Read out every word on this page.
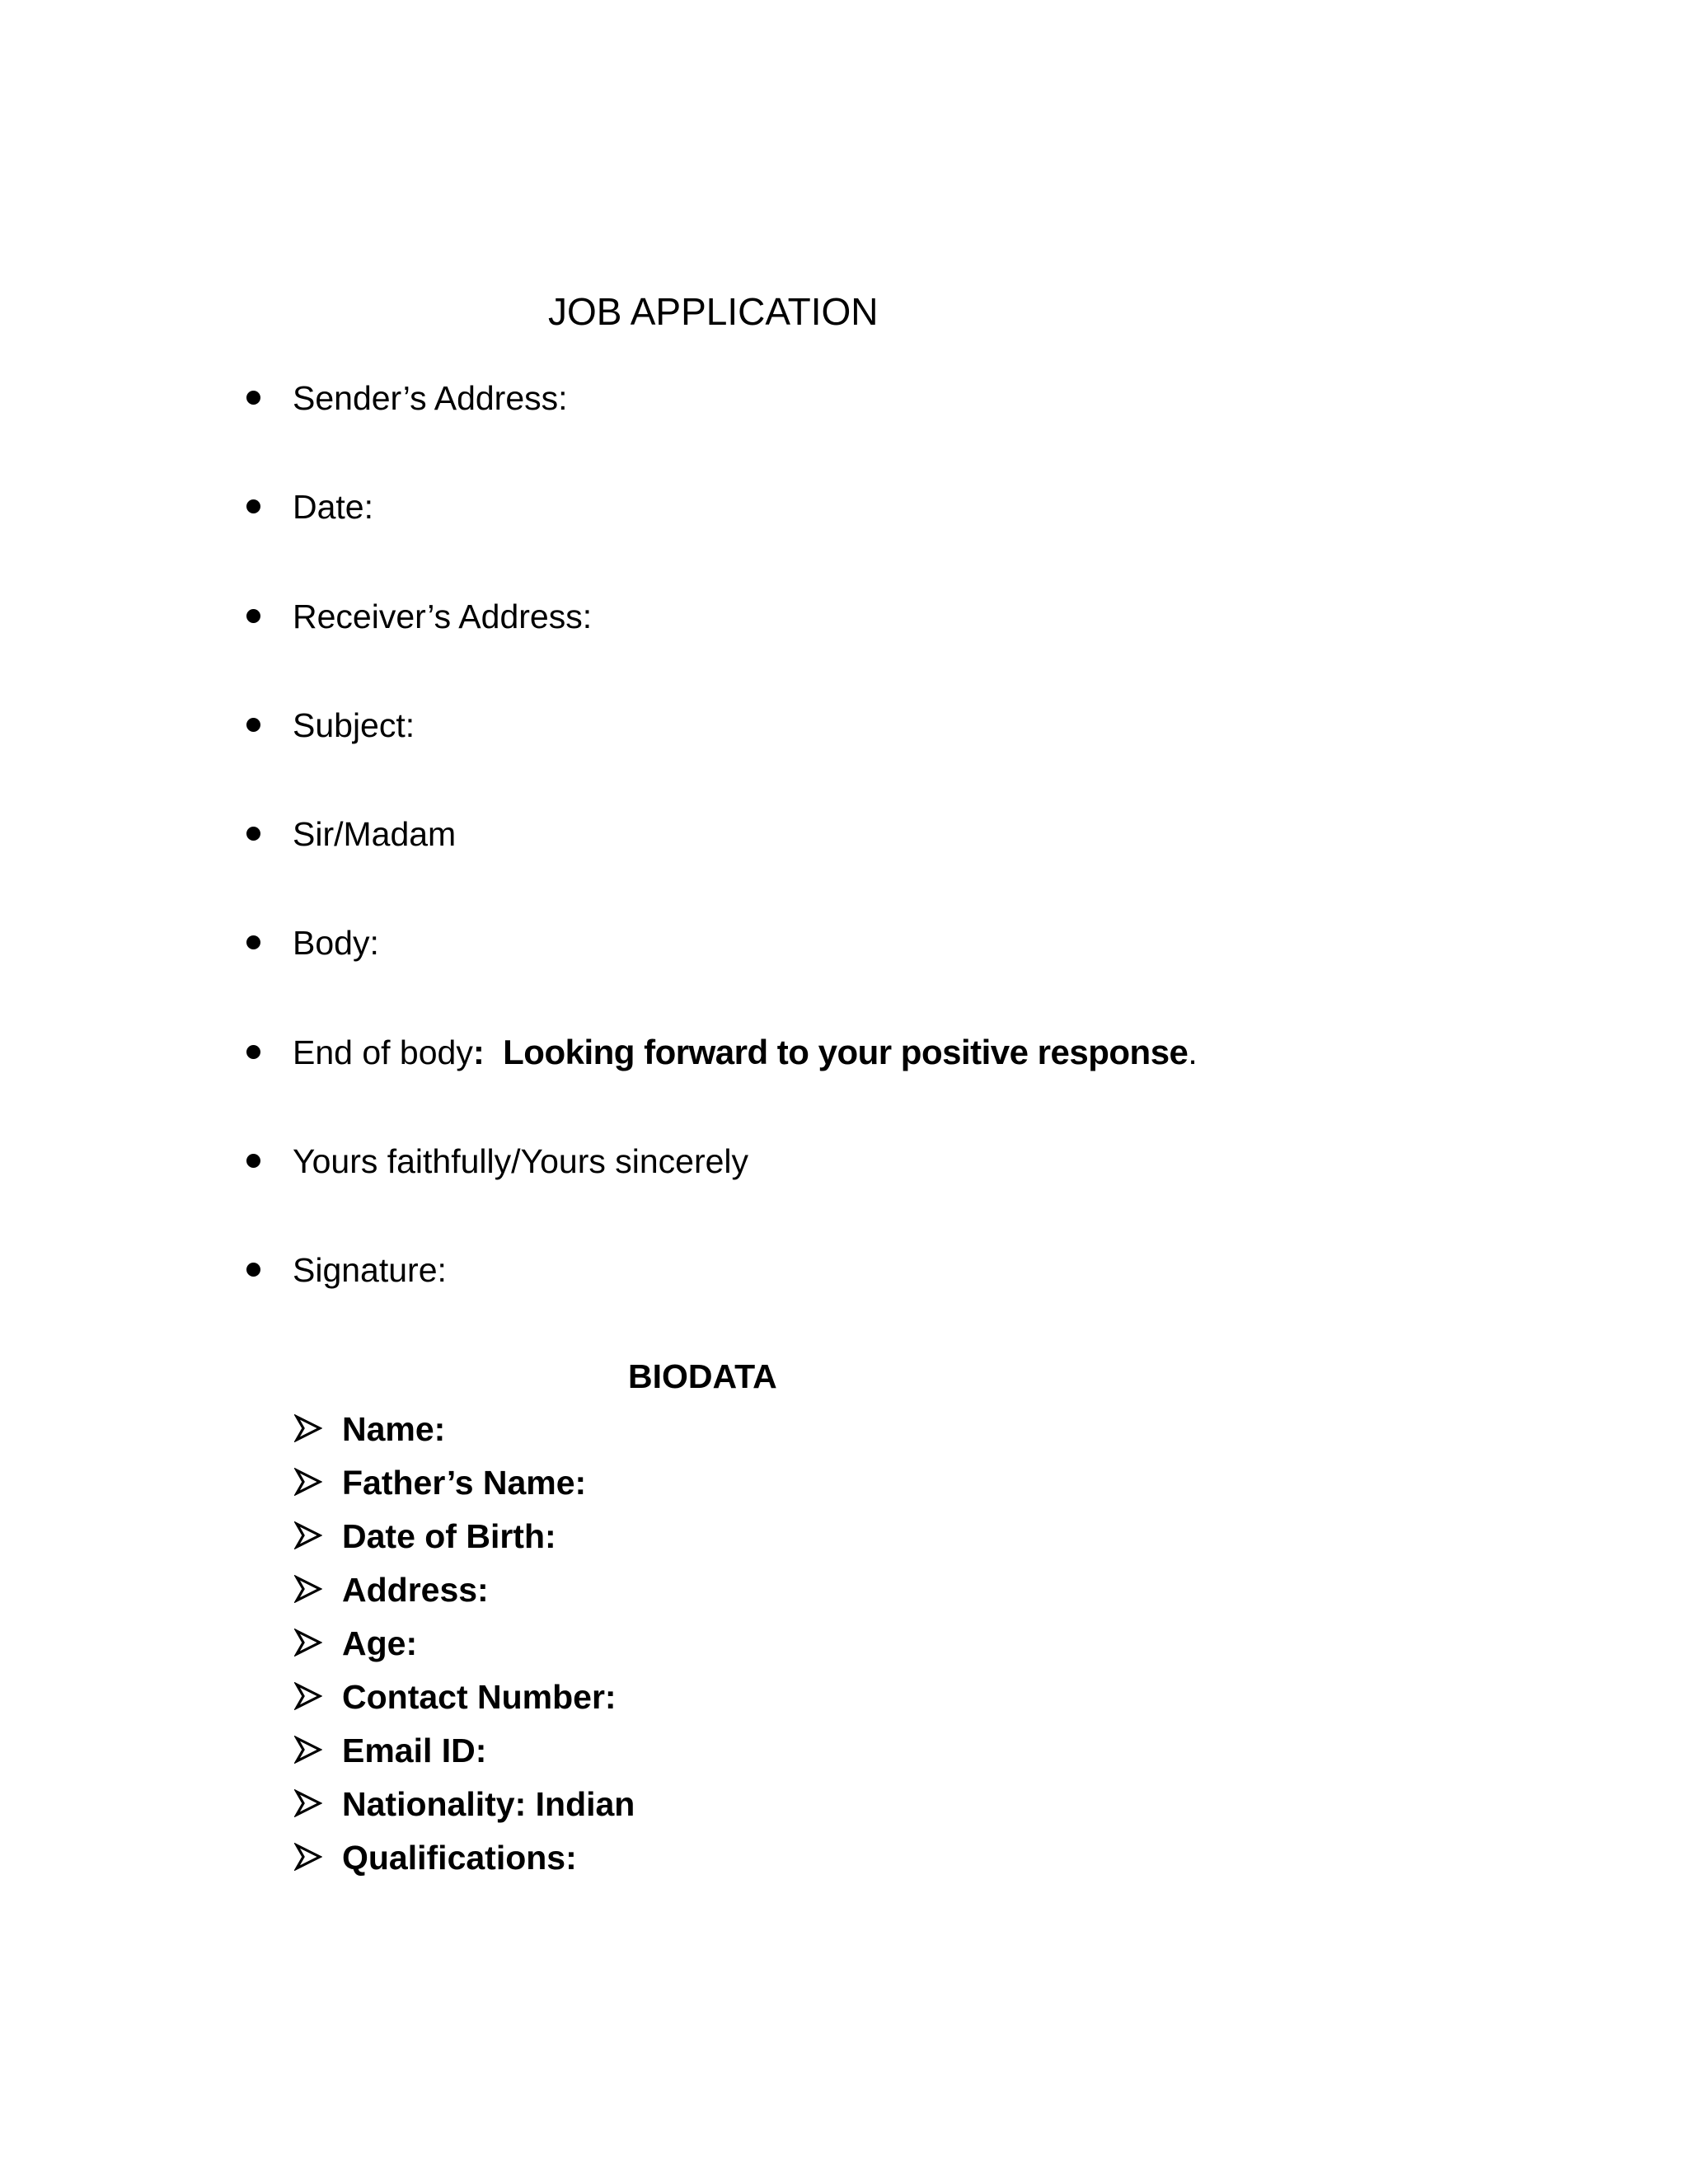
JOB APPLICATION
Sender’s Address:
Date:
Receiver’s Address:
Subject:
Sir/Madam
Body:
End of body: Looking forward to your positive response.
Yours faithfully/Yours sincerely
Signature:
BIODATA
Name:
Father’s Name:
Date of Birth:
Address:
Age:
Contact Number:
Email ID:
Nationality: Indian
Qualifications:
